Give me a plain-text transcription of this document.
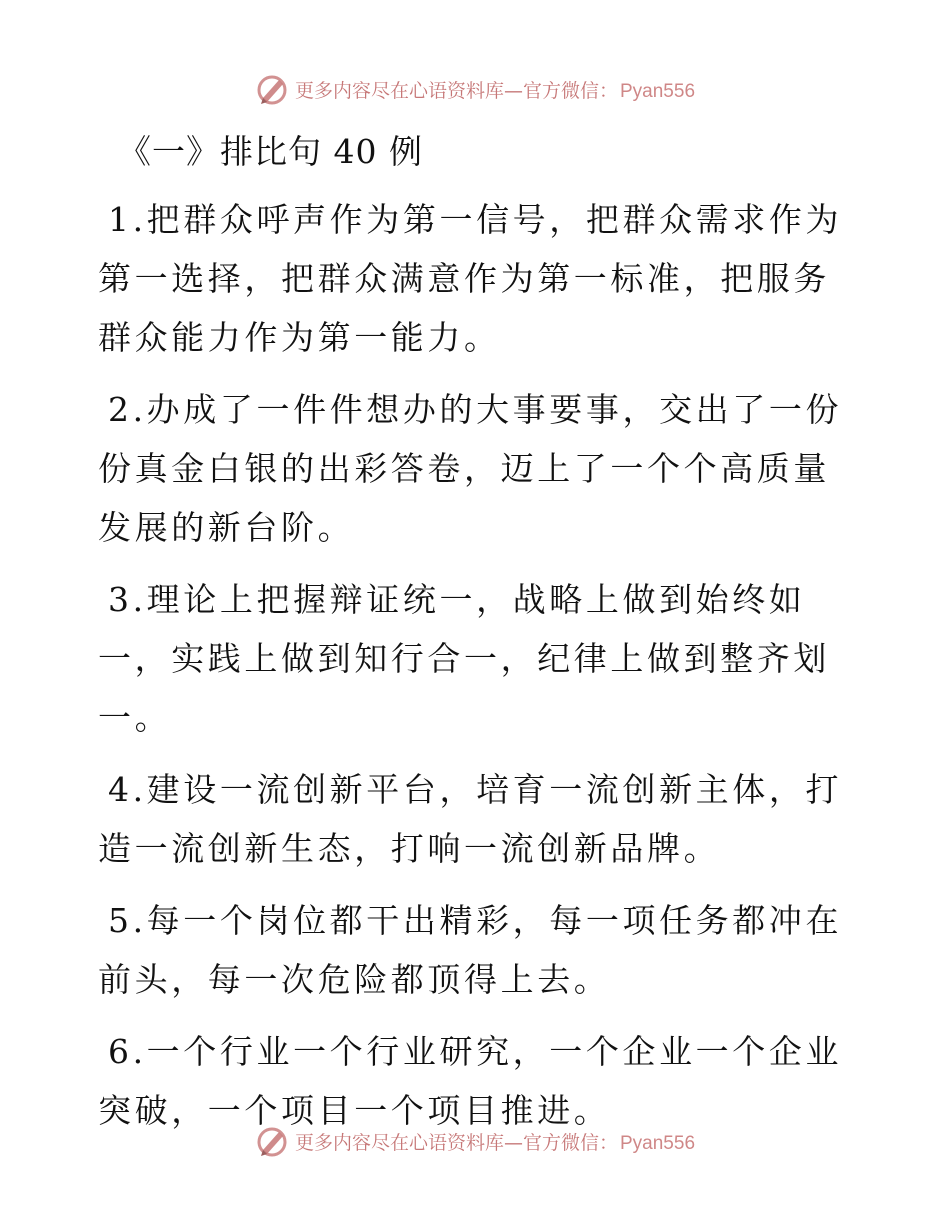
更多内容尽在心语资料库—官方微信： Pyan556
《一》排比句 40 例

1.把群众呼声作为第一信号，把群众需求作为第一选择，把群众满意作为第一标准，把服务群众能力作为第一能力。

2.办成了一件件想办的大事要事，交出了一份份真金白银的出彩答卷，迈上了一个个高质量发展的新台阶。

3.理论上把握辩证统一，战略上做到始终如一，实践上做到知行合一，纪律上做到整齐划一。

4.建设一流创新平台，培育一流创新主体，打造一流创新生态，打响一流创新品牌。

5.每一个岗位都干出精彩，每一项任务都冲在前头，每一次危险都顶得上去。

6.一个行业一个行业研究，一个企业一个企业突破，一个项目一个项目推进。

更多内容尽在心语资料库—官方微信： Pyan556
